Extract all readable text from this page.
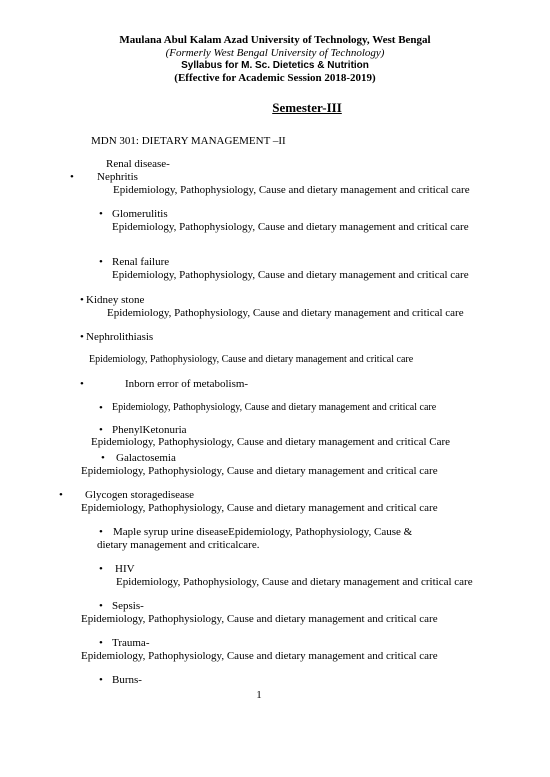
Maulana Abul Kalam Azad University of Technology, West Bengal
(Formerly West Bengal University of Technology)
Syllabus for M. Sc. Dietetics & Nutrition
(Effective for Academic Session 2018-2019)
Semester-III
MDN 301: DIETARY MANAGEMENT –II
Renal disease-
• Nephritis
Epidemiology, Pathophysiology, Cause and dietary management and critical care
• Glomerulitis
Epidemiology, Pathophysiology, Cause and dietary management and critical care
• Renal failure
Epidemiology, Pathophysiology, Cause and dietary management and critical care
• Kidney stone
Epidemiology, Pathophysiology, Cause and dietary management and critical care
• Nephrolithiasis
Epidemiology, Pathophysiology, Cause and dietary management and critical care
•	Inborn error of metabolism-
• Epidemiology, Pathophysiology, Cause and dietary management and critical care
• PhenylKetonuria
Epidemiology, Pathophysiology, Cause and dietary management and critical Care
• Galactosemia
Epidemiology, Pathophysiology, Cause and dietary management and critical care
• Glycogen storagedisease
Epidemiology, Pathophysiology, Cause and dietary management and critical care
• Maple syrup urine diseaseEpidemiology, Pathophysiology, Cause &
dietary management and criticalcare.
• HIV
Epidemiology, Pathophysiology, Cause and dietary management and critical care
• Sepsis-
Epidemiology, Pathophysiology, Cause and dietary management and critical care
• Trauma-
Epidemiology, Pathophysiology, Cause and dietary management and critical care
• Burns-
1
